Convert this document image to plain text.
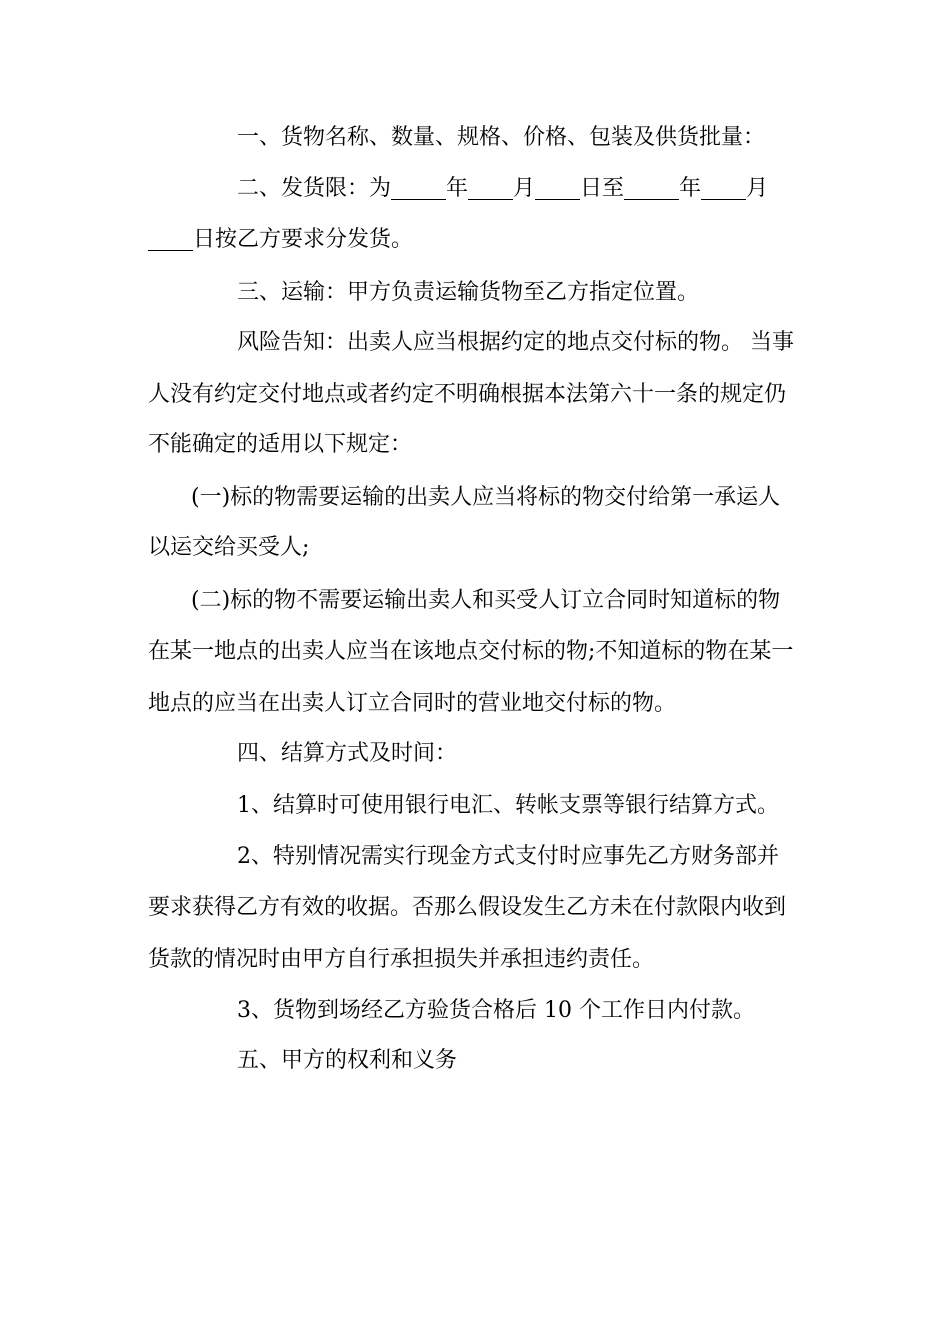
一、货物名称、数量、规格、价格、包装及供货批量：
二、发货限：为	年 月 日至	年 月
日按乙方要求分发货。
三、运输：甲方负责运输货物至乙方指定位置。
风险告知：出卖人应当根据约定的地点交付标的物。 当事
人没有约定交付地点或者约定不明确根据本法第六十一条的规定仍
不能确定的适用以下规定：
(一)标的物需要运输的出卖人应当将标的物交付给第一承运人
以运交给买受人;
(二)标的物不需要运输出卖人和买受人订立合同时知道标的物
在某一地点的出卖人应当在该地点交付标的物;不知道标的物在某一
地点的应当在出卖人订立合同时的营业地交付标的物。
四、结算方式及时间：
1、结算时可使用银行电汇、转帐支票等银行结算方式。
2、特别情况需实行现金方式支付时应事先乙方财务部并
要求获得乙方有效的收据。否那么假设发生乙方未在付款限内收到
货款的情况时由甲方自行承担损失并承担违约责任。
3、货物到场经乙方验货合格后 10 个工作日内付款。
五、甲方的权利和义务
